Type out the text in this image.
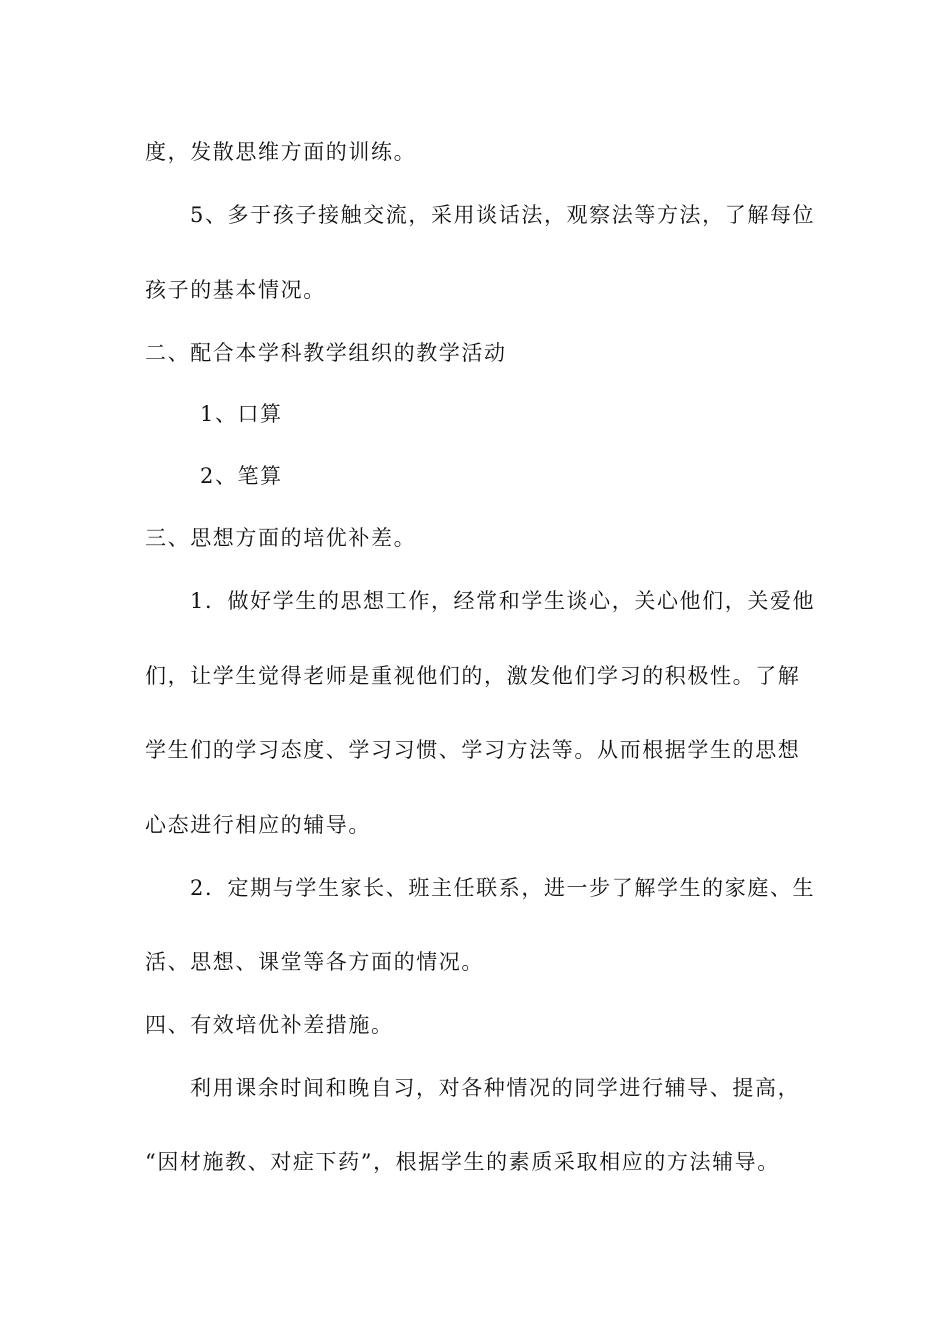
度，发散思维方面的训练。
5、多于孩子接触交流，采用谈话法，观察法等方法，了解每位
孩子的基本情况。
二、配合本学科教学组织的教学活动
1、口算
2、笔算
三、思想方面的培优补差。
1．做好学生的思想工作，经常和学生谈心，关心他们，关爱他
们，让学生觉得老师是重视他们的，激发他们学习的积极性。了解
学生们的学习态度、学习习惯、学习方法等。从而根据学生的思想
心态进行相应的辅导。
2．定期与学生家长、班主任联系，进一步了解学生的家庭、生
活、思想、课堂等各方面的情况。
四、有效培优补差措施。
利用课余时间和晚自习，对各种情况的同学进行辅导、提高，
“因材施教、对症下药”，根据学生的素质采取相应的方法辅导。
